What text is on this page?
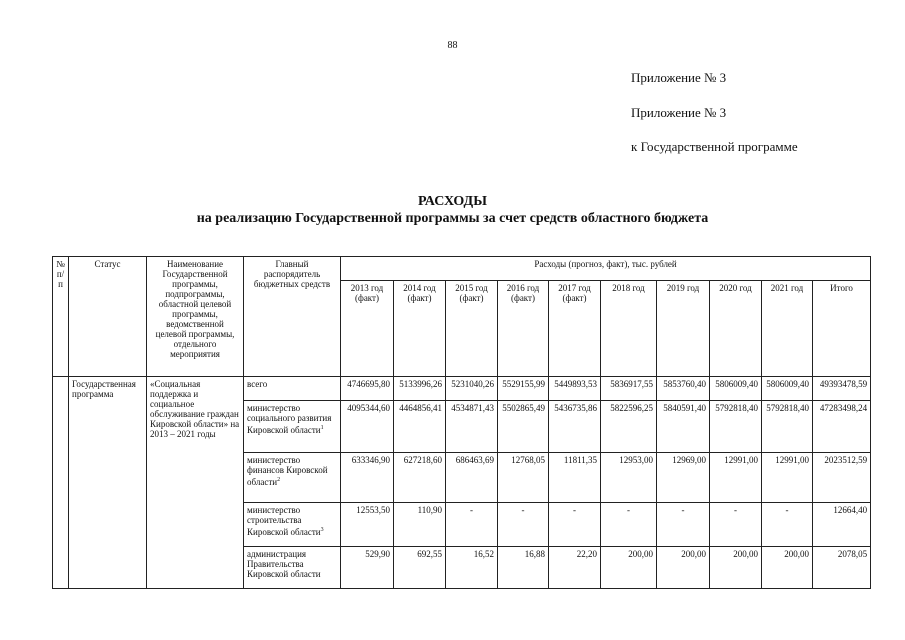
88
Приложение № 3
Приложение № 3
к Государственной программе
РАСХОДЫ
на реализацию Государственной программы за счет средств областного бюджета
№ п/п	Статус	Наименование Государственной программы, подпрограммы, областной целевой программы, ведомственной целевой программы, отдельного мероприятия	Главный распорядитель бюджетных средств	Расходы (прогноз, факт), тыс. рублей									
				2013 год (факт)	2014 год (факт)	2015 год (факт)	2016 год (факт)	2017 год (факт)	2018 год	2019 год	2020 год	2021 год	Итого
	Государственная программа	«Социальная поддержка и социальное обслуживание граждан Кировской области» на 2013 – 2021 годы	всего	4746695,80	5133996,26	5231040,26	5529155,99	5449893,53	5836917,55	5853760,40	5806009,40	5806009,40	49393478,59
			министерство социального развития Кировской области$^1$	4095344,60	4464856,41	4534871,43	5502865,49	5436735,86	5822596,25	5840591,40	5792818,40	5792818,40	47283498,24
			министерство финансов Кировской области$^2$	633346,90	627218,60	686463,69	12768,05	11811,35	12953,00	12969,00	12991,00	12991,00	2023512,59
			министерство строительства Кировской области$^3$	12553,50	110,90	-	-	-	-	-	-	-	12664,40
			администрация Правительства Кировской области	529,90	692,55	16,52	16,88	22,20	200,00	200,00	200,00	200,00	2078,05
